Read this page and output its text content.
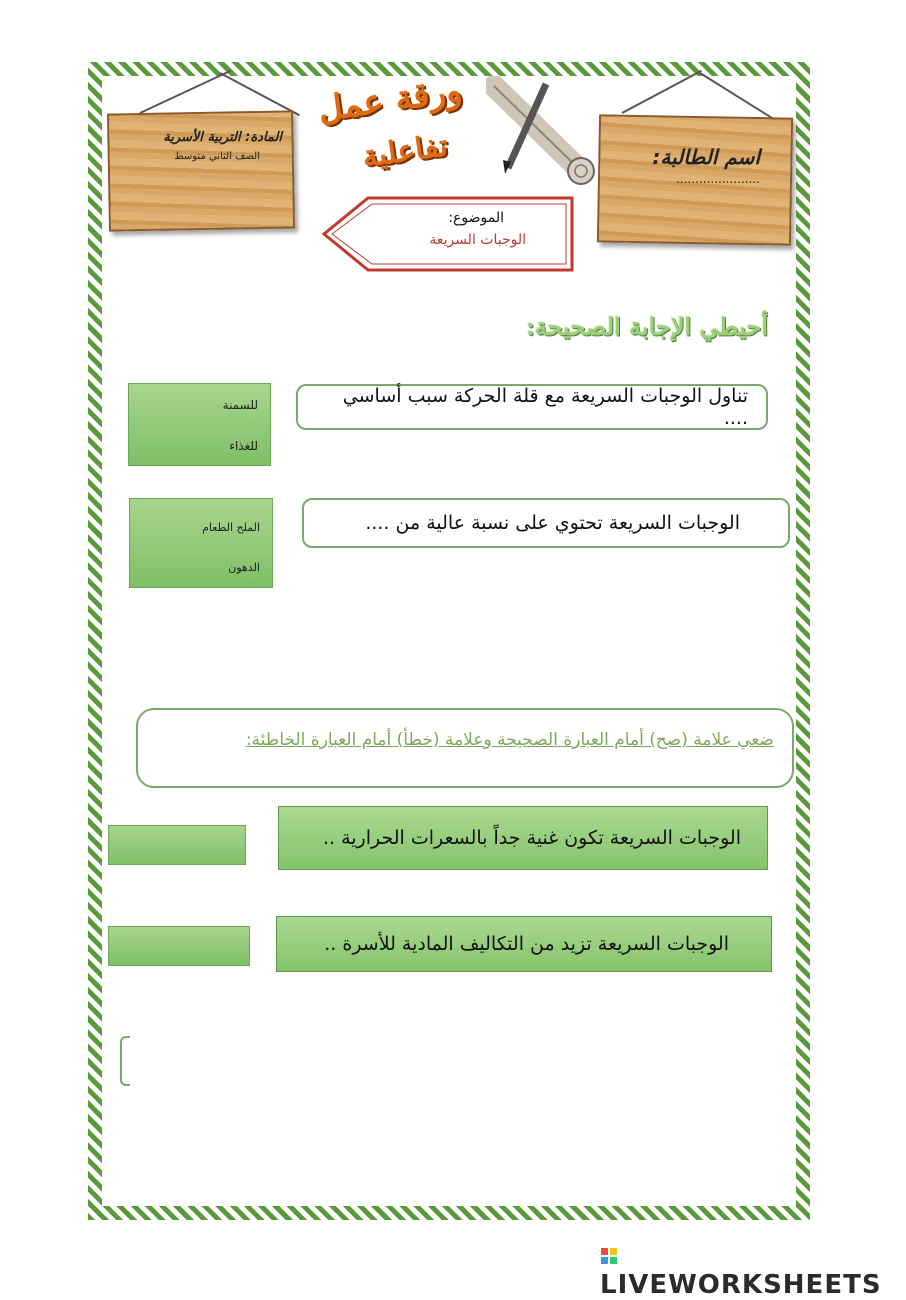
المادة: التربية الأسرية
الصف الثاني متوسط
ورقة عمل
تفاعلية	اسم الطالبة:
......................
الموضوع:
الوجبات السريعة
أحيطي الإجابة الصحيحة:
تناول الوجبات السريعة مع قلة الحركة سبب أساسي ....
للسمنة
للغذاء
الوجبات السريعة تحتوي على نسبة عالية من ....
الملح الطعام
الدهون
ضعي علامة (صح) أمام العبارة الصحيحة وعلامة (خطأ) أمام العبارة الخاطئة:
الوجبات السريعة تكون غنية جداً بالسعرات الحرارية ..
الوجبات السريعة تزيد من التكاليف المادية للأسرة ..

LIVEWORKSHEETS
